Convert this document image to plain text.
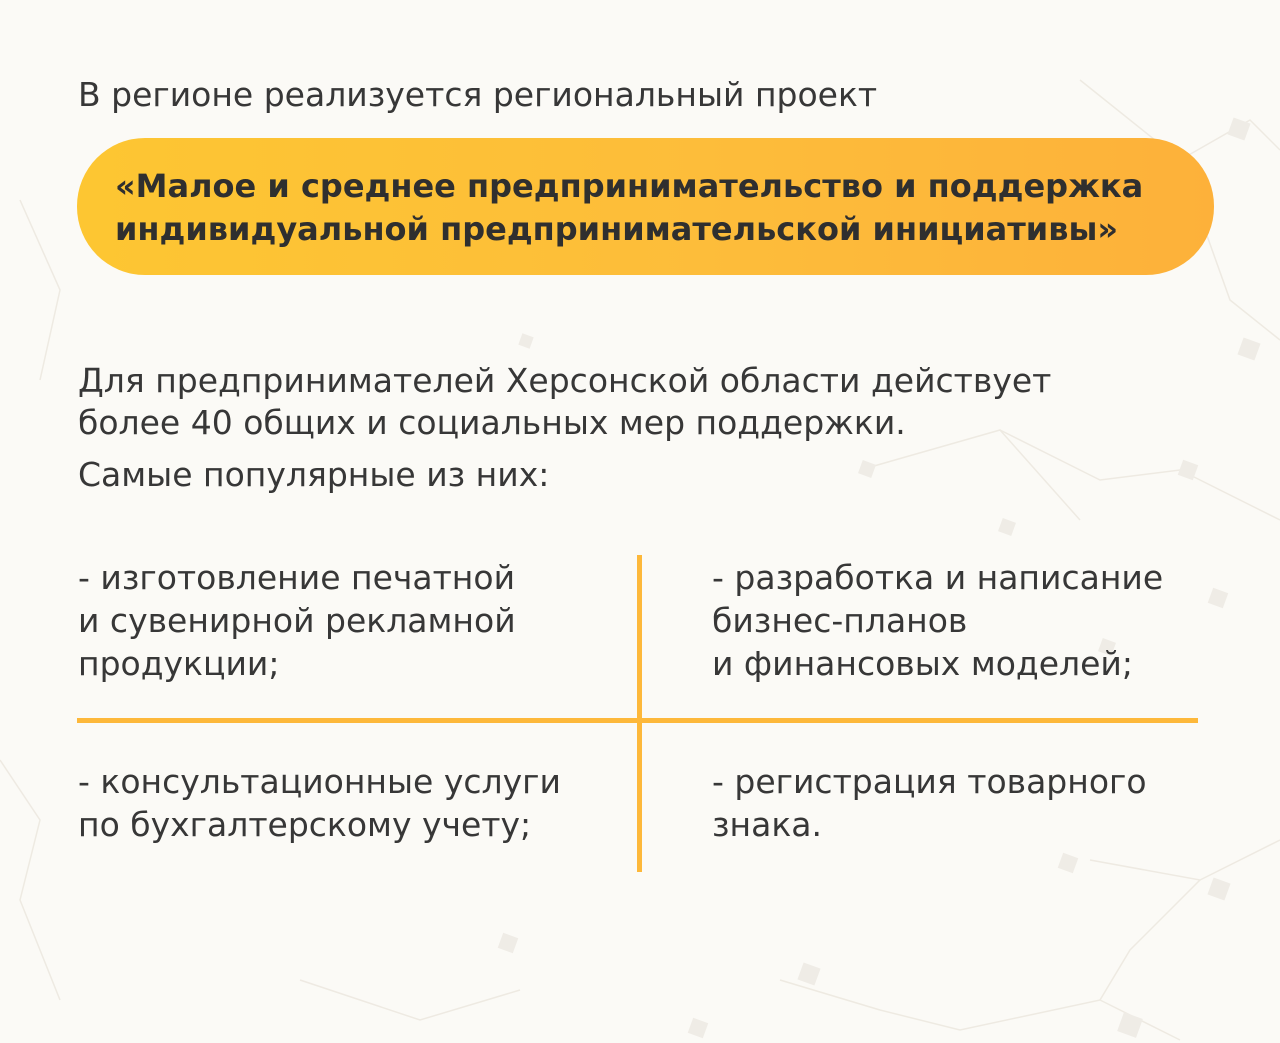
В регионе реализуется региональный проект

«Малое и среднее предпринимательство и поддержка
индивидуальной предпринимательской инициативы»
Для предпринимателей Херсонской области действует
более 40 общих и социальных мер поддержки.

Самые популярные из них:

- изготовление печатной
и сувенирной рекламной
продукции;
- разработка и написание
бизнес-планов
и финансовых моделей;
- консультационные услуги
по бухгалтерскому учету;
- регистрация товарного
знака.
